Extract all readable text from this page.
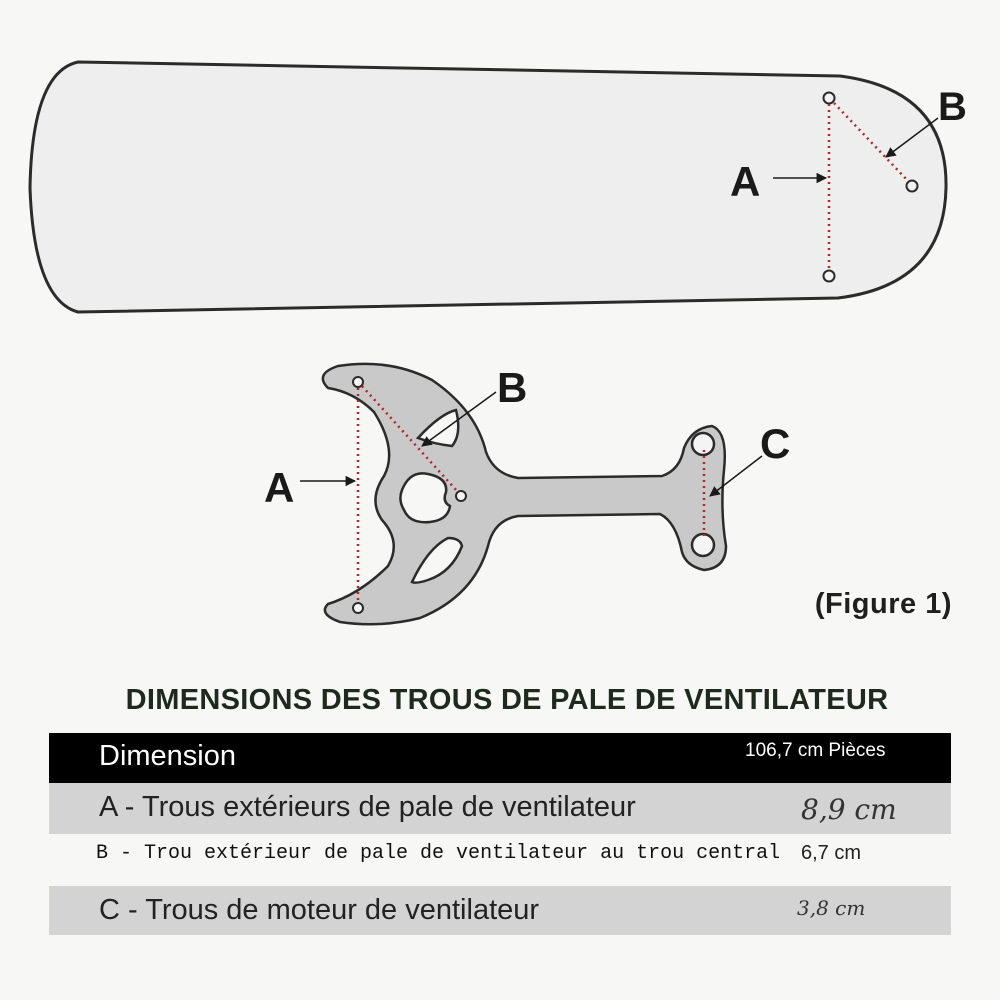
A
B
A
B
C
(Figure 1)
DIMENSIONS DES TROUS DE PALE DE VENTILATEUR
Dimension	106,7 cm Pièces
A - Trous extérieurs de pale de ventilateur	8,9 cm
B - Trou extérieur de pale de ventilateur au trou central	6,7 cm
C - Trous de moteur de ventilateur	3,8 cm
